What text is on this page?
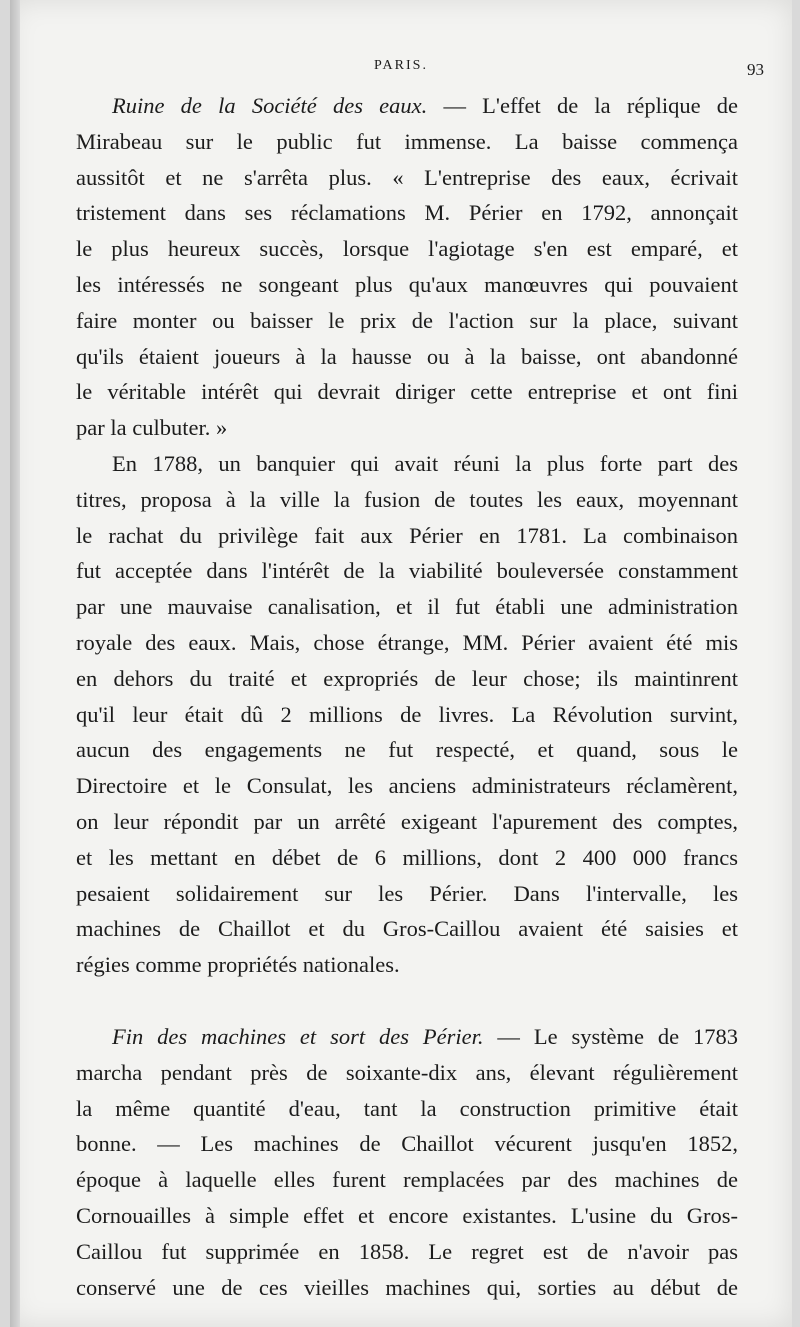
PARIS.	93
Ruine de la Société des eaux. — L'effet de la réplique de
Mirabeau sur le public fut immense. La baisse commença
aussitôt et ne s'arrêta plus. « L'entreprise des eaux, écrivait
tristement dans ses réclamations M. Périer en 1792, annonçait
le plus heureux succès, lorsque l'agiotage s'en est emparé, et
les intéressés ne songeant plus qu'aux manœuvres qui pouvaient
faire monter ou baisser le prix de l'action sur la place, suivant
qu'ils étaient joueurs à la hausse ou à la baisse, ont abandonné
le véritable intérêt qui devrait diriger cette entreprise et ont fini
par la culbuter. »
En 1788, un banquier qui avait réuni la plus forte part des
titres, proposa à la ville la fusion de toutes les eaux, moyennant
le rachat du privilège fait aux Périer en 1781. La combinaison
fut acceptée dans l'intérêt de la viabilité bouleversée constamment
par une mauvaise canalisation, et il fut établi une administration
royale des eaux. Mais, chose étrange, MM. Périer avaient été mis
en dehors du traité et expropriés de leur chose; ils maintinrent
qu'il leur était dû 2 millions de livres. La Révolution survint,
aucun des engagements ne fut respecté, et quand, sous le
Directoire et le Consulat, les anciens administrateurs réclamèrent,
on leur répondit par un arrêté exigeant l'apurement des comptes,
et les mettant en débet de 6 millions, dont 2 400 000 francs
pesaient solidairement sur les Périer. Dans l'intervalle, les
machines de Chaillot et du Gros-Caillou avaient été saisies et
régies comme propriétés nationales.
Fin des machines et sort des Périer. — Le système de 1783
marcha pendant près de soixante-dix ans, élevant régulièrement
la même quantité d'eau, tant la construction primitive était
bonne. — Les machines de Chaillot vécurent jusqu'en 1852,
époque à laquelle elles furent remplacées par des machines de
Cornouailles à simple effet et encore existantes. L'usine du Gros-
Caillou fut supprimée en 1858. Le regret est de n'avoir pas
conservé une de ces vieilles machines qui, sorties au début de
